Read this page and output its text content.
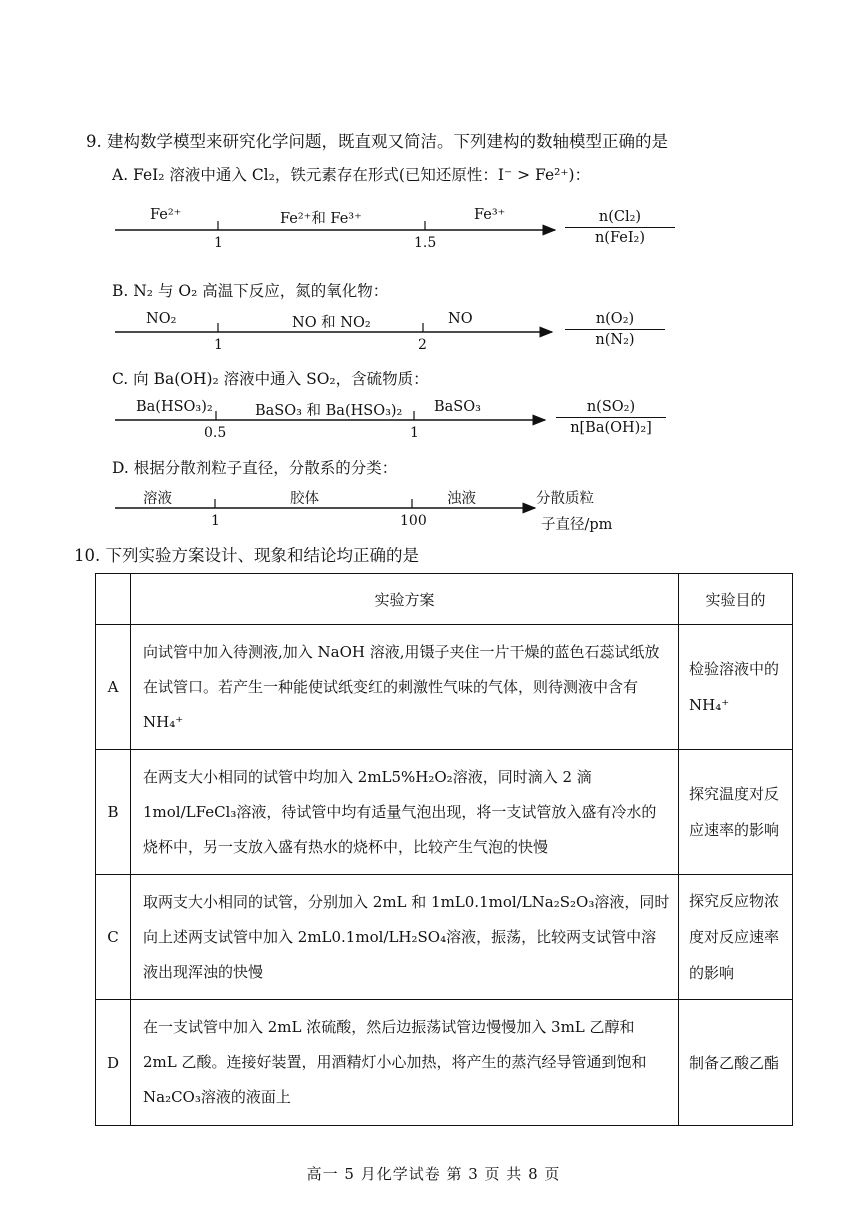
9. 建构数学模型来研究化学问题，既直观又简洁。下列建构的数轴模型正确的是
A. FeI₂ 溶液中通入 Cl₂，铁元素存在形式(已知还原性：I⁻ > Fe²⁺)：
Fe²⁺	Fe²⁺和 Fe³⁺	Fe³⁺
1	1.5
n(Cl₂)
n(FeI₂)
B. N₂ 与 O₂ 高温下反应，氮的氧化物：
NO₂	NO 和 NO₂	NO
1	2
n(O₂)
n(N₂)
C. 向 Ba(OH)₂ 溶液中通入 SO₂，含硫物质：
Ba(HSO₃)₂	BaSO₃ 和 Ba(HSO₃)₂ BaSO₃
0.5	1
n(SO₂)
n[Ba(OH)₂]
D. 根据分散剂粒子直径，分散系的分类：
溶液	胶体	浊液
1	100
分散质粒
子直径/pm
10. 下列实验方案设计、现象和结论均正确的是
	实验方案	实验目的
A	向试管中加入待测液,加入 NaOH 溶液,用镊子夹住一片干燥的蓝色石蕊试纸放在试管口。若产生一种能使试纸变红的刺激性气味的气体，则待测液中含有 NH₄⁺	检验溶液中的 NH₄⁺
B	在两支大小相同的试管中均加入 2mL5%H₂O₂溶液，同时滴入 2 滴 1mol/LFeCl₃溶液，待试管中均有适量气泡出现，将一支试管放入盛有冷水的烧杯中，另一支放入盛有热水的烧杯中，比较产生气泡的快慢	探究温度对反应速率的影响
C	取两支大小相同的试管，分别加入 2mL 和 1mL0.1mol/LNa₂S₂O₃溶液，同时向上述两支试管中加入 2mL0.1mol/LH₂SO₄溶液，振荡，比较两支试管中溶液出现浑浊的快慢	探究反应物浓度对反应速率的影响
D	在一支试管中加入 2mL 浓硫酸，然后边振荡试管边慢慢加入 3mL 乙醇和 2mL 乙酸。连接好装置，用酒精灯小心加热，将产生的蒸汽经导管通到饱和 Na₂CO₃溶液的液面上	制备乙酸乙酯
高一 5 月化学试卷 第 3 页 共 8 页
